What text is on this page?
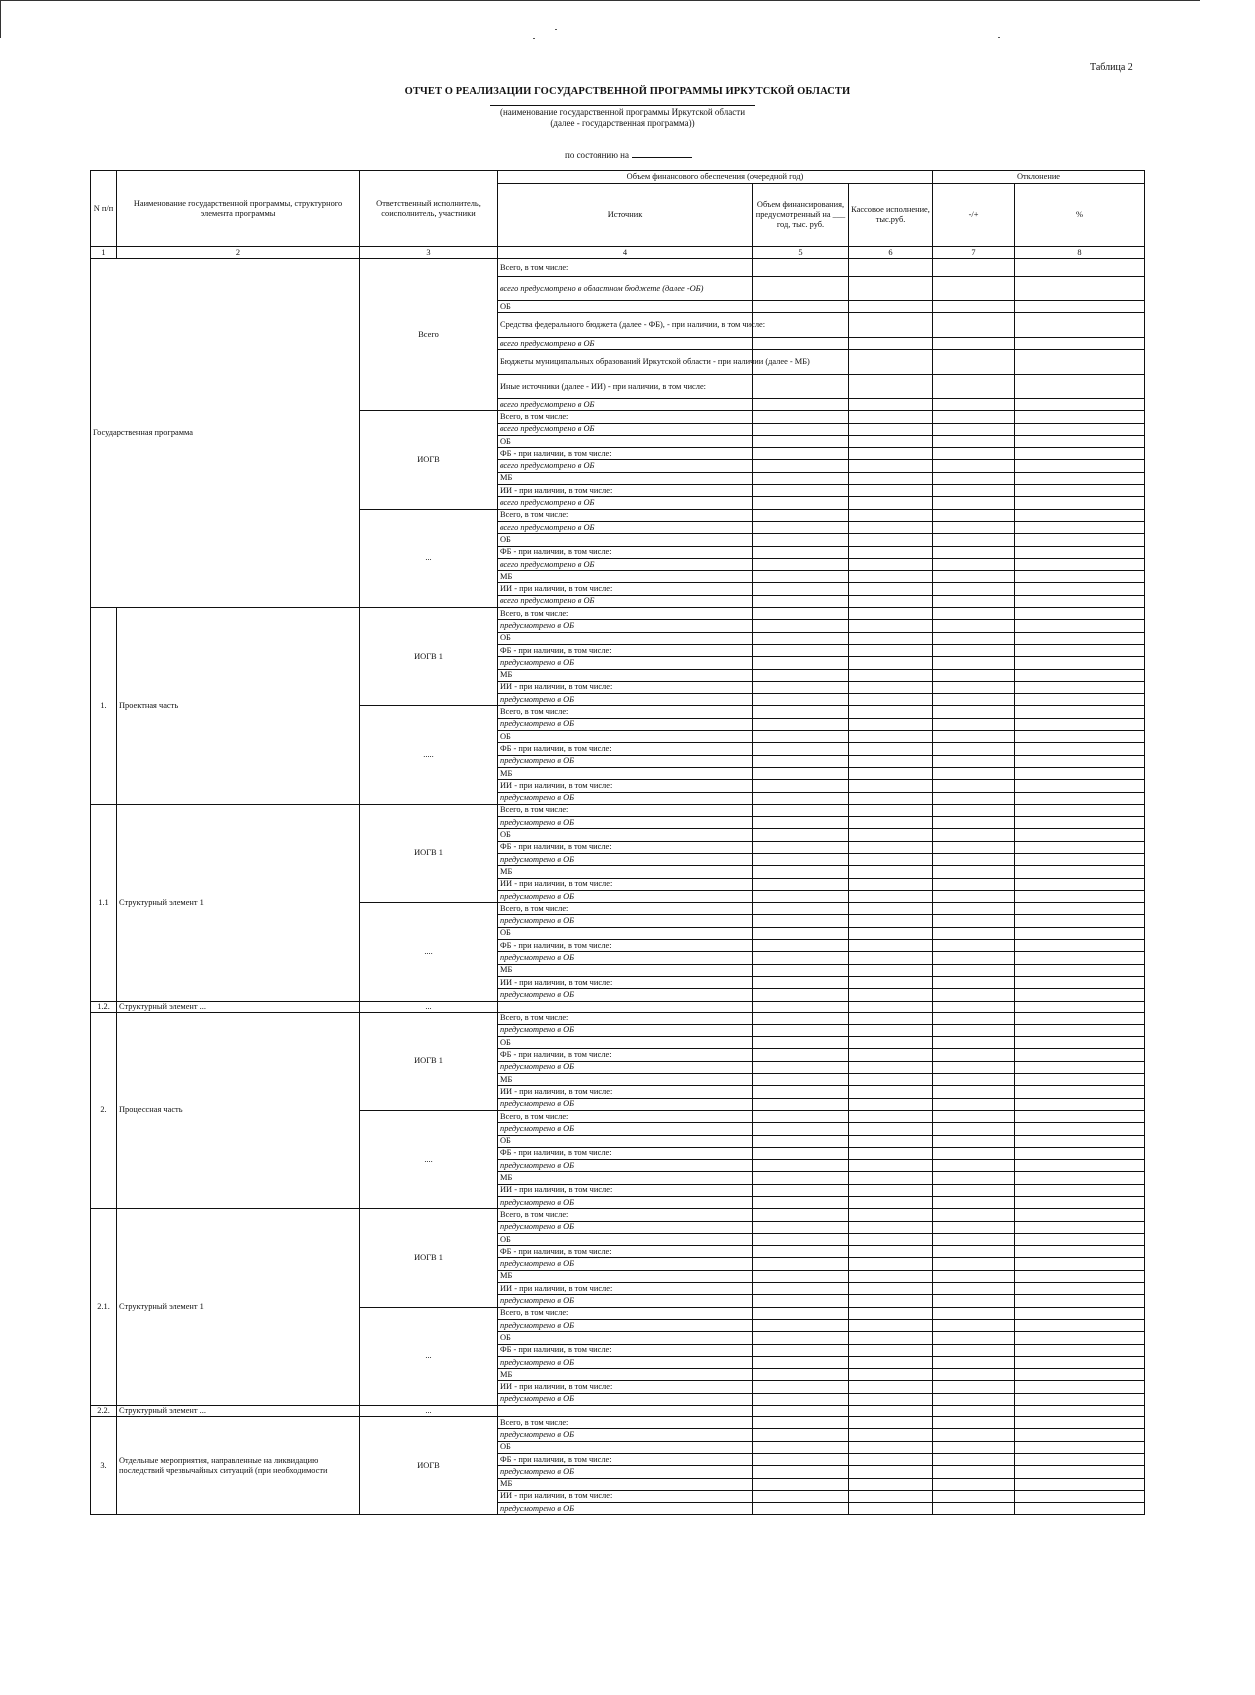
Таблица 2
ОТЧЕТ О РЕАЛИЗАЦИИ ГОСУДАРСТВЕННОЙ ПРОГРАММЫ ИРКУТСКОЙ ОБЛАСТИ
(наименование государственной программы Иркутской области
(далее - государственная программа))
по состоянию на
N п/п	Наименование государственной программы, структурного элемента программы	Ответственный исполнитель, соисполнитель, участники	Объем финансового обеспечения (очередной год)			Отклонение	
			Источник	Объем финансирования, предусмотренный на ___ год, тыс. руб.	Кассовое исполнение, тыс.руб.	-/+	%
1	2	3	4	5	6	7	8
Государственная программа		Всего	Всего, в том числе:				
			всего предусмотрено в областном бюджете (далее -ОБ)				
			ОБ				
			Средства федерального бюджета (далее - ФБ), - при наличии, в том числе:				
			всего предусмотрено в ОБ				
			Бюджеты муниципальных образований Иркутской области - при наличии (далее - МБ)				
			Иные источники (далее - ИИ) - при наличии, в том числе:				
			всего предусмотрено в ОБ				
		ИОГВ	Всего, в том числе:				
			всего предусмотрено в ОБ				
			ОБ				
			ФБ - при наличии, в том числе:				
			всего предусмотрено в ОБ				
			МБ				
			ИИ - при наличии, в том числе:				
			всего предусмотрено в ОБ				
		...	Всего, в том числе:				
			всего предусмотрено в ОБ				
			ОБ				
			ФБ - при наличии, в том числе:				
			всего предусмотрено в ОБ				
			МБ				
			ИИ - при наличии, в том числе:				
			всего предусмотрено в ОБ				
1.	Проектная часть	ИОГВ 1	Всего, в том числе:				
			предусмотрено в ОБ				
			ОБ				
			ФБ - при наличии, в том числе:				
			предусмотрено в ОБ				
			МБ				
			ИИ - при наличии, в том числе:				
			предусмотрено в ОБ				
		.....	Всего, в том числе:				
			предусмотрено в ОБ				
			ОБ				
			ФБ - при наличии, в том числе:				
			предусмотрено в ОБ				
			МБ				
			ИИ - при наличии, в том числе:				
			предусмотрено в ОБ				
1.1	Структурный элемент 1	ИОГВ 1	Всего, в том числе:				
			предусмотрено в ОБ				
			ОБ				
			ФБ - при наличии, в том числе:				
			предусмотрено в ОБ				
			МБ				
			ИИ - при наличии, в том числе:				
			предусмотрено в ОБ				
		....	Всего, в том числе:				
			предусмотрено в ОБ				
			ОБ				
			ФБ - при наличии, в том числе:				
			предусмотрено в ОБ				
			МБ				
			ИИ - при наличии, в том числе:				
			предусмотрено в ОБ				
1.2.	Структурный элемент ...	...					
2.	Процессная часть	ИОГВ 1	Всего, в том числе:				
			предусмотрено в ОБ				
			ОБ				
			ФБ - при наличии, в том числе:				
			предусмотрено в ОБ				
			МБ				
			ИИ - при наличии, в том числе:				
			предусмотрено в ОБ				
		....	Всего, в том числе:				
			предусмотрено в ОБ				
			ОБ				
			ФБ - при наличии, в том числе:				
			предусмотрено в ОБ				
			МБ				
			ИИ - при наличии, в том числе:				
			предусмотрено в ОБ				
2.1.	Структурный элемент 1	ИОГВ 1	Всего, в том числе:				
			предусмотрено в ОБ				
			ОБ				
			ФБ - при наличии, в том числе:				
			предусмотрено в ОБ				
			МБ				
			ИИ - при наличии, в том числе:				
			предусмотрено в ОБ				
		...	Всего, в том числе:				
			предусмотрено в ОБ				
			ОБ				
			ФБ - при наличии, в том числе:				
			предусмотрено в ОБ				
			МБ				
			ИИ - при наличии, в том числе:				
			предусмотрено в ОБ				
2.2.	Структурный элемент ...	...					
3.	Отдельные мероприятия, направленные на ликвидацию последствий чрезвычайных ситуаций (при необходимости	ИОГВ	Всего, в том числе:				
			предусмотрено в ОБ				
			ОБ				
			ФБ - при наличии, в том числе:				
			предусмотрено в ОБ				
			МБ				
			ИИ - при наличии, в том числе:				
			предусмотрено в ОБ				
